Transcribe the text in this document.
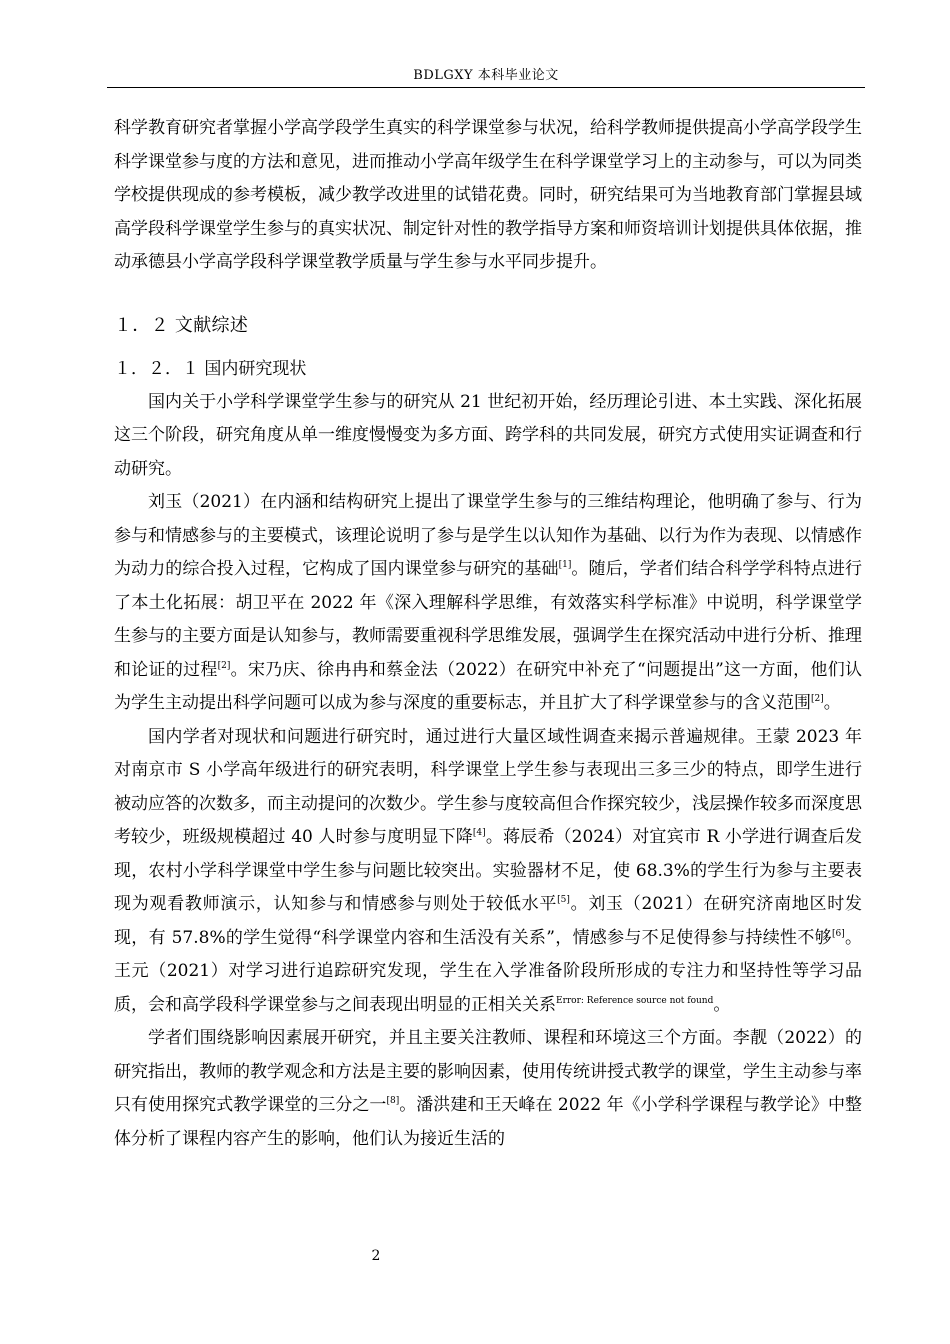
BDLGXY 本科毕业论文

科学教育研究者掌握小学高学段学生真实的科学课堂参与状况，给科学教师提供提高小学高学段学生科学课堂参与度的方法和意见，进而推动小学高年级学生在科学课堂学习上的主动参与，可以为同类学校提供现成的参考模板，减少教学改进里的试错花费。同时，研究结果可为当地教育部门掌握县域高学段科学课堂学生参与的真实状况、制定针对性的教学指导方案和师资培训计划提供具体依据，推动承德县小学高学段科学课堂教学质量与学生参与水平同步提升。

１．２ 文献综述
１．２．１ 国内研究现状

国内关于小学科学课堂学生参与的研究从 21 世纪初开始，经历理论引进、本土实践、深化拓展这三个阶段，研究角度从单一维度慢慢变为多方面、跨学科的共同发展，研究方式使用实证调查和行动研究。

刘玉（2021）在内涵和结构研究上提出了课堂学生参与的三维结构理论，他明确了参与、行为参与和情感参与的主要模式，该理论说明了参与是学生以认知作为基础、以行为作为表现、以情感作为动力的综合投入过程，它构成了国内课堂参与研究的基础[1]。随后，学者们结合科学学科特点进行了本土化拓展：胡卫平在 2022 年《深入理解科学思维，有效落实科学标准》中说明，科学课堂学生参与的主要方面是认知参与，教师需要重视科学思维发展，强调学生在探究活动中进行分析、推理和论证的过程[2]。宋乃庆、徐冉冉和蔡金法（2022）在研究中补充了“问题提出”这一方面，他们认为学生主动提出科学问题可以成为参与深度的重要标志，并且扩大了科学课堂参与的含义范围[2]。

国内学者对现状和问题进行研究时，通过进行大量区域性调查来揭示普遍规律。王蒙 2023 年对南京市 S 小学高年级进行的研究表明，科学课堂上学生参与表现出三多三少的特点，即学生进行被动应答的次数多，而主动提问的次数少。学生参与度较高但合作探究较少，浅层操作较多而深度思考较少，班级规模超过 40 人时参与度明显下降[4]。蒋辰希（2024）对宜宾市 R 小学进行调查后发现，农村小学科学课堂中学生参与问题比较突出。实验器材不足，使 68.3%的学生行为参与主要表现为观看教师演示，认知参与和情感参与则处于较低水平[5]。刘玉（2021）在研究济南地区时发现，有 57.8%的学生觉得“科学课堂内容和生活没有关系”，情感参与不足使得参与持续性不够[6]。王元（2021）对学习进行追踪研究发现，学生在入学准备阶段所形成的专注力和坚持性等学习品质，会和高学段科学课堂参与之间表现出明显的正相关关系$^{Error: Reference source not found}$。

学者们围绕影响因素展开研究，并且主要关注教师、课程和环境这三个方面。李靓（2022）的研究指出，教师的教学观念和方法是主要的影响因素，使用传统讲授式教学的课堂，学生主动参与率只有使用探究式教学课堂的三分之一[8]。潘洪建和王天峰在 2022 年《小学科学课程与教学论》中整体分析了课程内容产生的影响，他们认为接近生活的

2
